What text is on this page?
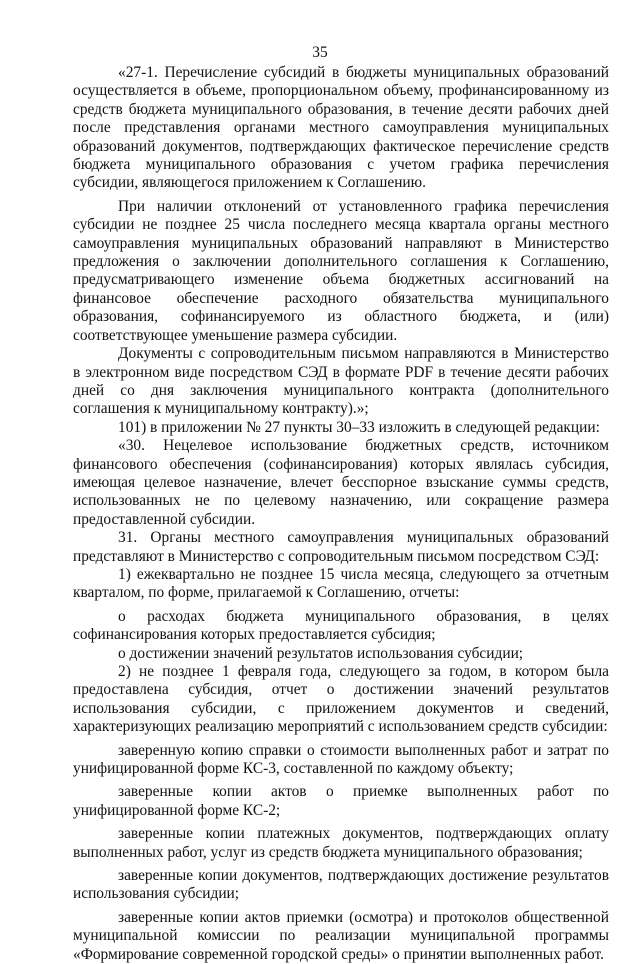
35

«27-1. Перечисление субсидий в бюджеты муниципальных образований осуществляется в объеме, пропорциональном объему, профинансированному из средств бюджета муниципального образования, в течение десяти рабочих дней после представления органами местного самоуправления муниципальных образований документов, подтверждающих фактическое перечисление средств бюджета муниципального образования с учетом графика перечисления субсидии, являющегося приложением к Соглашению.

При наличии отклонений от установленного графика перечисления субсидии не позднее 25 числа последнего месяца квартала органы местного самоуправления муниципальных образований направляют в Министерство предложения о заключении дополнительного соглашения к Соглашению, предусматривающего изменение объема бюджетных ассигнований на финансовое обеспечение расходного обязательства муниципального образования, софинансируемого из областного бюджета, и (или) соответствующее уменьшение размера субсидии.

Документы с сопроводительным письмом направляются в Министерство в электронном виде посредством СЭД в формате PDF в течение десяти рабочих дней со дня заключения муниципального контракта (дополнительного соглашения к муниципальному контракту).»;

101) в приложении № 27 пункты 30–33 изложить в следующей редакции:

«30. Нецелевое использование бюджетных средств, источником финансового обеспечения (софинансирования) которых являлась субсидия, имеющая целевое назначение, влечет бесспорное взыскание суммы средств, использованных не по целевому назначению, или сокращение размера предоставленной субсидии.

31. Органы местного самоуправления муниципальных образований представляют в Министерство с сопроводительным письмом посредством СЭД:

1) ежеквартально не позднее 15 числа месяца, следующего за отчетным кварталом, по форме, прилагаемой к Соглашению, отчеты:

о расходах бюджета муниципального образования, в целях софинансирования которых предоставляется субсидия;

о достижении значений результатов использования субсидии;

2) не позднее 1 февраля года, следующего за годом, в котором была предоставлена субсидия, отчет о достижении значений результатов использования субсидии, с приложением документов и сведений, характеризующих реализацию мероприятий с использованием средств субсидии:

заверенную копию справки о стоимости выполненных работ и затрат по унифицированной форме КС-3, составленной по каждому объекту;

заверенные копии актов о приемке выполненных работ по унифицированной форме КС-2;

заверенные копии платежных документов, подтверждающих оплату выполненных работ, услуг из средств бюджета муниципального образования;

заверенные копии документов, подтверждающих достижение результатов использования субсидии;

заверенные копии актов приемки (осмотра) и протоколов общественной муниципальной комиссии по реализации муниципальной программы «Формирование современной городской среды» о принятии выполненных работ.
